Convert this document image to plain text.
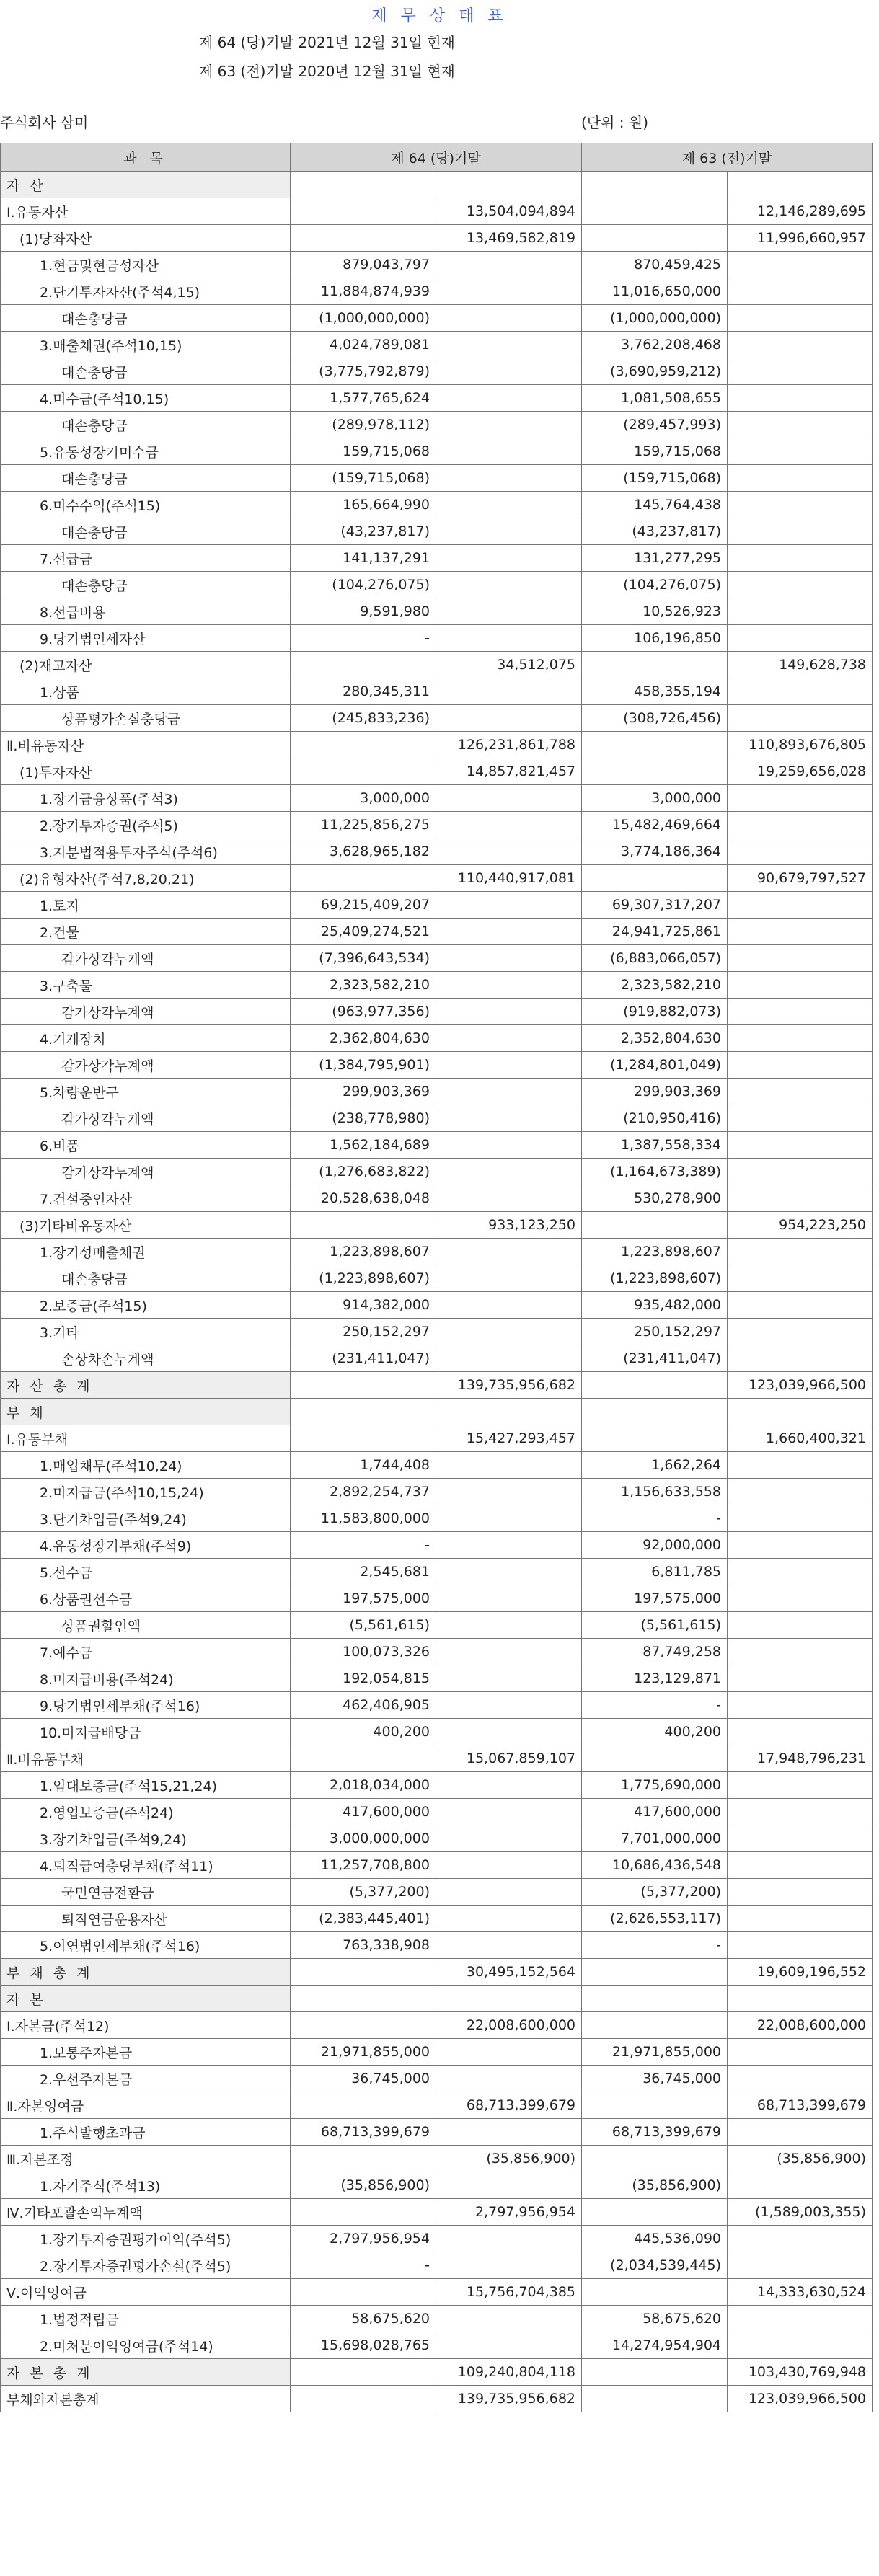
재 무 상 태 표
제 64 (당)기말 2021년 12월 31일 현재
제 63 (전)기말 2020년 12월 31일 현재
주식회사 삼미	(단위 : 원)
과 목	제 64 (당)기말		제 63 (전)기말	
자 산				
Ⅰ.유동자산		13,504,094,894		12,146,289,695
(1)당좌자산		13,469,582,819		11,996,660,957
1.현금및현금성자산	879,043,797		870,459,425	
2.단기투자자산(주석4,15)	11,884,874,939		11,016,650,000	
대손충당금	(1,000,000,000)		(1,000,000,000)	
3.매출채권(주석10,15)	4,024,789,081		3,762,208,468	
대손충당금	(3,775,792,879)		(3,690,959,212)	
4.미수금(주석10,15)	1,577,765,624		1,081,508,655	
대손충당금	(289,978,112)		(289,457,993)	
5.유동성장기미수금	159,715,068		159,715,068	
대손충당금	(159,715,068)		(159,715,068)	
6.미수수익(주석15)	165,664,990		145,764,438	
대손충당금	(43,237,817)		(43,237,817)	
7.선급금	141,137,291		131,277,295	
대손충당금	(104,276,075)		(104,276,075)	
8.선급비용	9,591,980		10,526,923	
9.당기법인세자산	-		106,196,850	
(2)재고자산		34,512,075		149,628,738
1.상품	280,345,311		458,355,194	
상품평가손실충당금	(245,833,236)		(308,726,456)	
Ⅱ.비유동자산		126,231,861,788		110,893,676,805
(1)투자자산		14,857,821,457		19,259,656,028
1.장기금융상품(주석3)	3,000,000		3,000,000	
2.장기투자증권(주석5)	11,225,856,275		15,482,469,664	
3.지분법적용투자주식(주석6)	3,628,965,182		3,774,186,364	
(2)유형자산(주석7,8,20,21)		110,440,917,081		90,679,797,527
1.토지	69,215,409,207		69,307,317,207	
2.건물	25,409,274,521		24,941,725,861	
감가상각누계액	(7,396,643,534)		(6,883,066,057)	
3.구축물	2,323,582,210		2,323,582,210	
감가상각누계액	(963,977,356)		(919,882,073)	
4.기계장치	2,362,804,630		2,352,804,630	
감가상각누계액	(1,384,795,901)		(1,284,801,049)	
5.차량운반구	299,903,369		299,903,369	
감가상각누계액	(238,778,980)		(210,950,416)	
6.비품	1,562,184,689		1,387,558,334	
감가상각누계액	(1,276,683,822)		(1,164,673,389)	
7.건설중인자산	20,528,638,048		530,278,900	
(3)기타비유동자산		933,123,250		954,223,250
1.장기성매출채권	1,223,898,607		1,223,898,607	
대손충당금	(1,223,898,607)		(1,223,898,607)	
2.보증금(주석15)	914,382,000		935,482,000	
3.기타	250,152,297		250,152,297	
손상차손누계액	(231,411,047)		(231,411,047)	
자 산 총 계		139,735,956,682		123,039,966,500
부 채				
Ⅰ.유동부채		15,427,293,457		1,660,400,321
1.매입채무(주석10,24)	1,744,408		1,662,264	
2.미지급금(주석10,15,24)	2,892,254,737		1,156,633,558	
3.단기차입금(주석9,24)	11,583,800,000		-	
4.유동성장기부채(주석9)	-		92,000,000	
5.선수금	2,545,681		6,811,785	
6.상품권선수금	197,575,000		197,575,000	
상품권할인액	(5,561,615)		(5,561,615)	
7.예수금	100,073,326		87,749,258	
8.미지급비용(주석24)	192,054,815		123,129,871	
9.당기법인세부채(주석16)	462,406,905		-	
10.미지급배당금	400,200		400,200	
Ⅱ.비유동부채		15,067,859,107		17,948,796,231
1.임대보증금(주석15,21,24)	2,018,034,000		1,775,690,000	
2.영업보증금(주석24)	417,600,000		417,600,000	
3.장기차입금(주석9,24)	3,000,000,000		7,701,000,000	
4.퇴직급여충당부채(주석11)	11,257,708,800		10,686,436,548	
국민연금전환금	(5,377,200)		(5,377,200)	
퇴직연금운용자산	(2,383,445,401)		(2,626,553,117)	
5.이연법인세부채(주석16)	763,338,908		-	
부 채 총 계		30,495,152,564		19,609,196,552
자 본				
Ⅰ.자본금(주석12)		22,008,600,000		22,008,600,000
1.보통주자본금	21,971,855,000		21,971,855,000	
2.우선주자본금	36,745,000		36,745,000	
Ⅱ.자본잉여금		68,713,399,679		68,713,399,679
1.주식발행초과금	68,713,399,679		68,713,399,679	
Ⅲ.자본조정		(35,856,900)		(35,856,900)
1.자기주식(주석13)	(35,856,900)		(35,856,900)	
Ⅳ.기타포괄손익누계액		2,797,956,954		(1,589,003,355)
1.장기투자증권평가이익(주석5)	2,797,956,954		445,536,090	
2.장기투자증권평가손실(주석5)	-		(2,034,539,445)	
Ⅴ.이익잉여금		15,756,704,385		14,333,630,524
1.법정적립금	58,675,620		58,675,620	
2.미처분이익잉여금(주석14)	15,698,028,765		14,274,954,904	
자 본 총 계		109,240,804,118		103,430,769,948
부채와자본총계		139,735,956,682		123,039,966,500
